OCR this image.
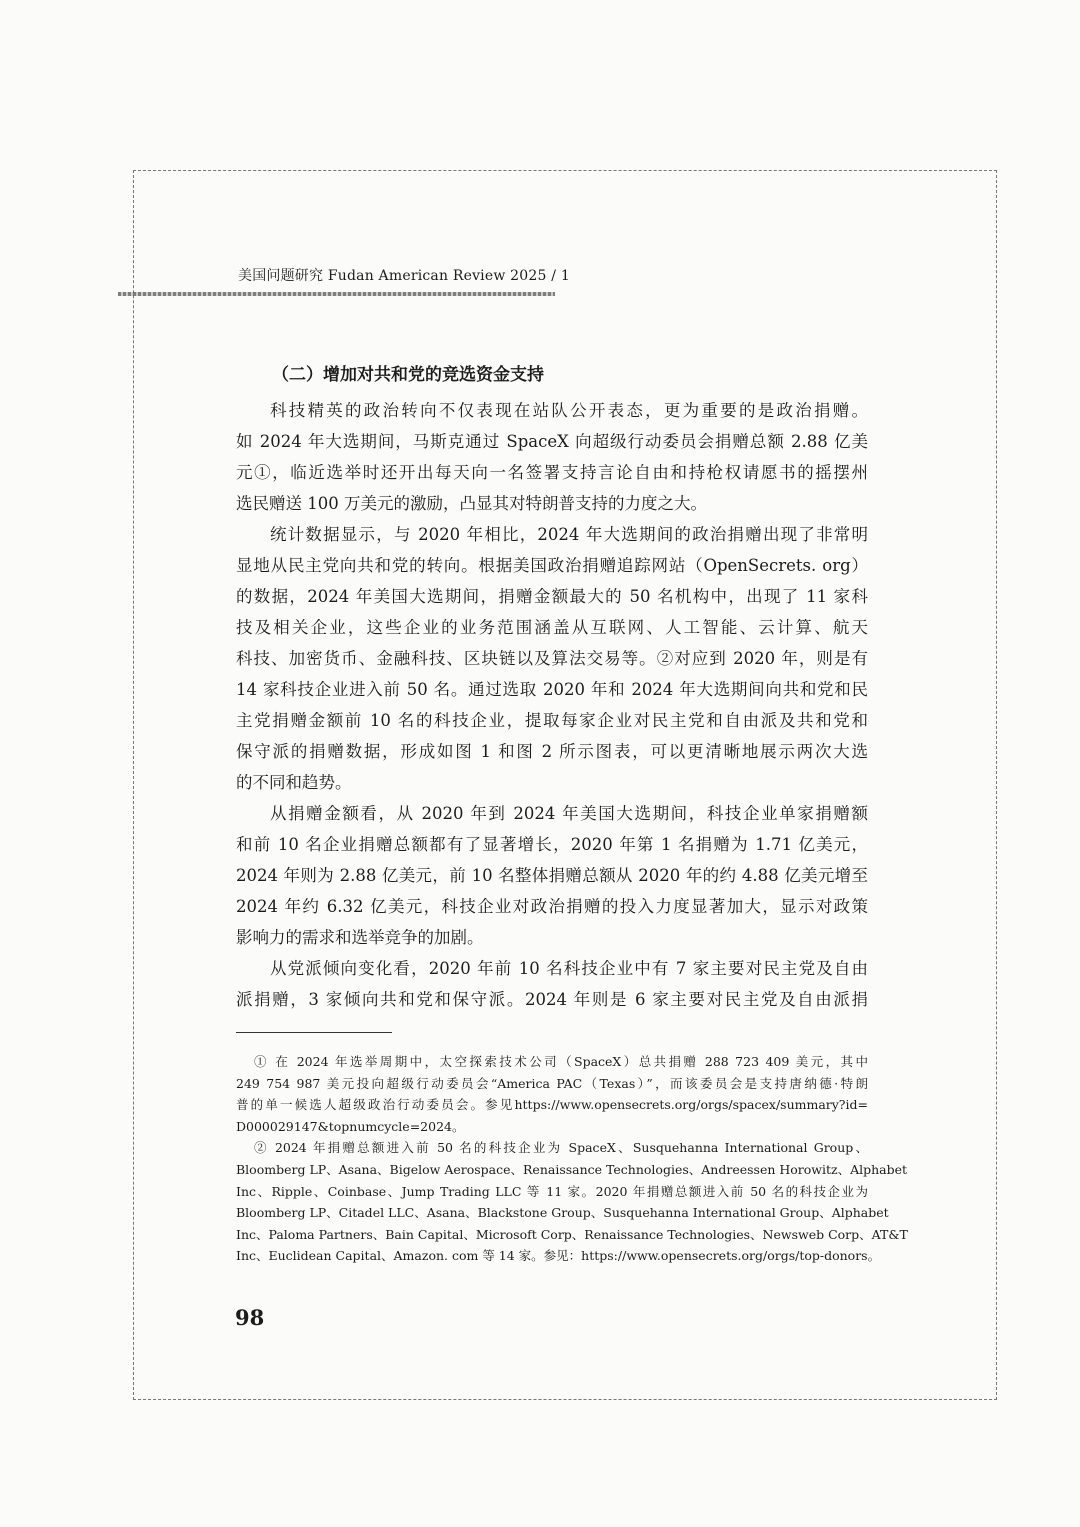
美国问题研究 Fudan American Review 2025 / 1
（二）增加对共和党的竞选资金支持
科技精英的政治转向不仅表现在站队公开表态，更为重要的是政治捐赠。
如 2024 年大选期间，马斯克通过 SpaceX 向超级行动委员会捐赠总额 2.88 亿美
元①，临近选举时还开出每天向一名签署支持言论自由和持枪权请愿书的摇摆州
选民赠送 100 万美元的激励，凸显其对特朗普支持的力度之大。
统计数据显示，与 2020 年相比，2024 年大选期间的政治捐赠出现了非常明
显地从民主党向共和党的转向。根据美国政治捐赠追踪网站（OpenSecrets. org）
的数据，2024 年美国大选期间，捐赠金额最大的 50 名机构中，出现了 11 家科
技及相关企业，这些企业的业务范围涵盖从互联网、人工智能、云计算、航天
科技、加密货币、金融科技、区块链以及算法交易等。②对应到 2020 年，则是有
14 家科技企业进入前 50 名。通过选取 2020 年和 2024 年大选期间向共和党和民
主党捐赠金额前 10 名的科技企业，提取每家企业对民主党和自由派及共和党和
保守派的捐赠数据，形成如图 1 和图 2 所示图表，可以更清晰地展示两次大选
的不同和趋势。
从捐赠金额看，从 2020 年到 2024 年美国大选期间，科技企业单家捐赠额
和前 10 名企业捐赠总额都有了显著增长，2020 年第 1 名捐赠为 1.71 亿美元，
2024 年则为 2.88 亿美元，前 10 名整体捐赠总额从 2020 年的约 4.88 亿美元增至
2024 年约 6.32 亿美元，科技企业对政治捐赠的投入力度显著加大，显示对政策
影响力的需求和选举竞争的加剧。
从党派倾向变化看，2020 年前 10 名科技企业中有 7 家主要对民主党及自由
派捐赠，3 家倾向共和党和保守派。2024 年则是 6 家主要对民主党及自由派捐
① 在 2024 年选举周期中，太空探索技术公司（SpaceX）总共捐赠 288 723 409 美元，其中
249 754 987 美元投向超级行动委员会“America PAC（Texas）”，而该委员会是支持唐纳德·特朗
普的单一候选人超级政治行动委员会。参见https://www.opensecrets.org/orgs/spacex/summary?id=
D000029147&topnumcycle=2024。
② 2024 年捐赠总额进入前 50 名的科技企业为 SpaceX、Susquehanna International Group、
Bloomberg LP、Asana、Bigelow Aerospace、Renaissance Technologies、Andreessen Horowitz、Alphabet
Inc、Ripple、Coinbase、Jump Trading LLC 等 11 家。2020 年捐赠总额进入前 50 名的科技企业为
Bloomberg LP、Citadel LLC、Asana、Blackstone Group、Susquehanna International Group、Alphabet
Inc、Paloma Partners、Bain Capital、Microsoft Corp、Renaissance Technologies、Newsweb Corp、AT&T
Inc、Euclidean Capital、Amazon. com 等 14 家。参见：https://www.opensecrets.org/orgs/top-donors。
98
